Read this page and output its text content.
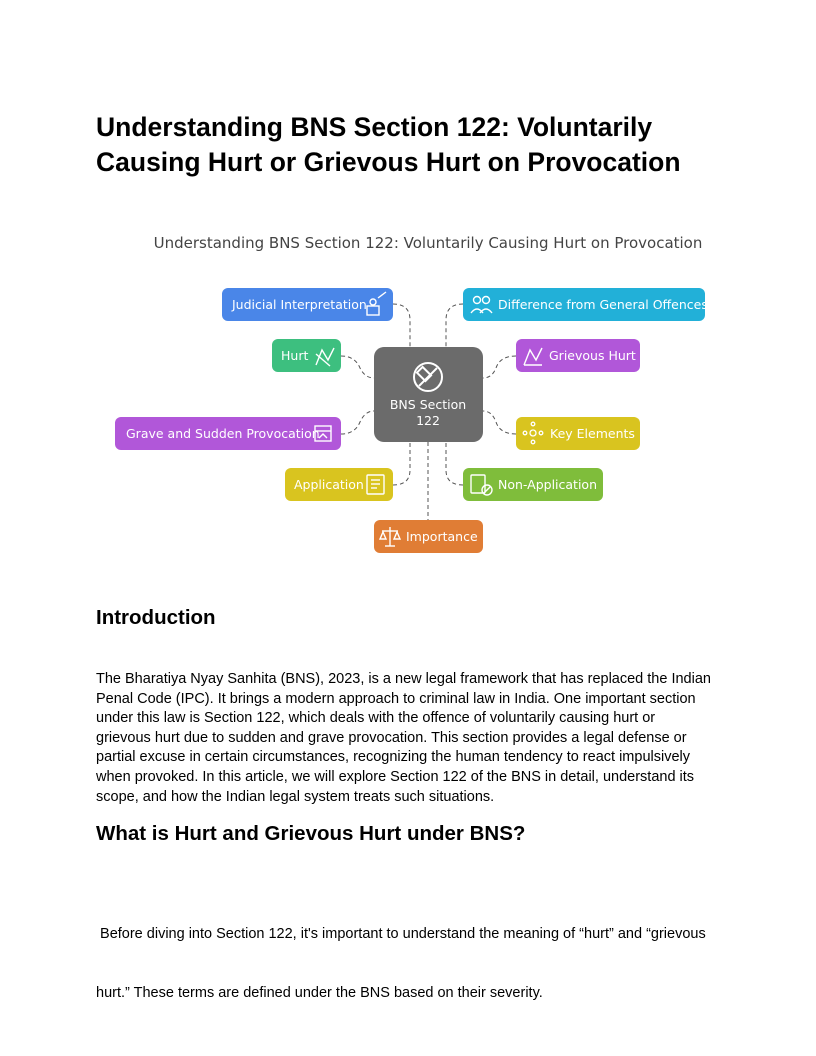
Understanding BNS Section 122: Voluntarily Causing Hurt or Grievous Hurt on Provocation
Understanding BNS Section 122: Voluntarily Causing Hurt on Provocation
BNS Section
122
Judicial Interpretation
Hurt
Grave and Sudden Provocation
Application
Difference from General Offences
Grievous Hurt
Key Elements
Non-Application
Importance
Introduction
The Bharatiya Nyay Sanhita (BNS), 2023, is a new legal framework that has replaced the Indian
Penal Code (IPC). It brings a modern approach to criminal law in India. One important section
under this law is Section 122, which deals with the offence of voluntarily causing hurt or
grievous hurt due to sudden and grave provocation. This section provides a legal defense or
partial excuse in certain circumstances, recognizing the human tendency to react impulsively
when provoked. In this article, we will explore Section 122 of the BNS in detail, understand its
scope, and how the Indian legal system treats such situations.
What is Hurt and Grievous Hurt under BNS?

Before diving into Section 122, it's important to understand the meaning of “hurt” and “grievous

hurt.” These terms are defined under the BNS based on their severity.
